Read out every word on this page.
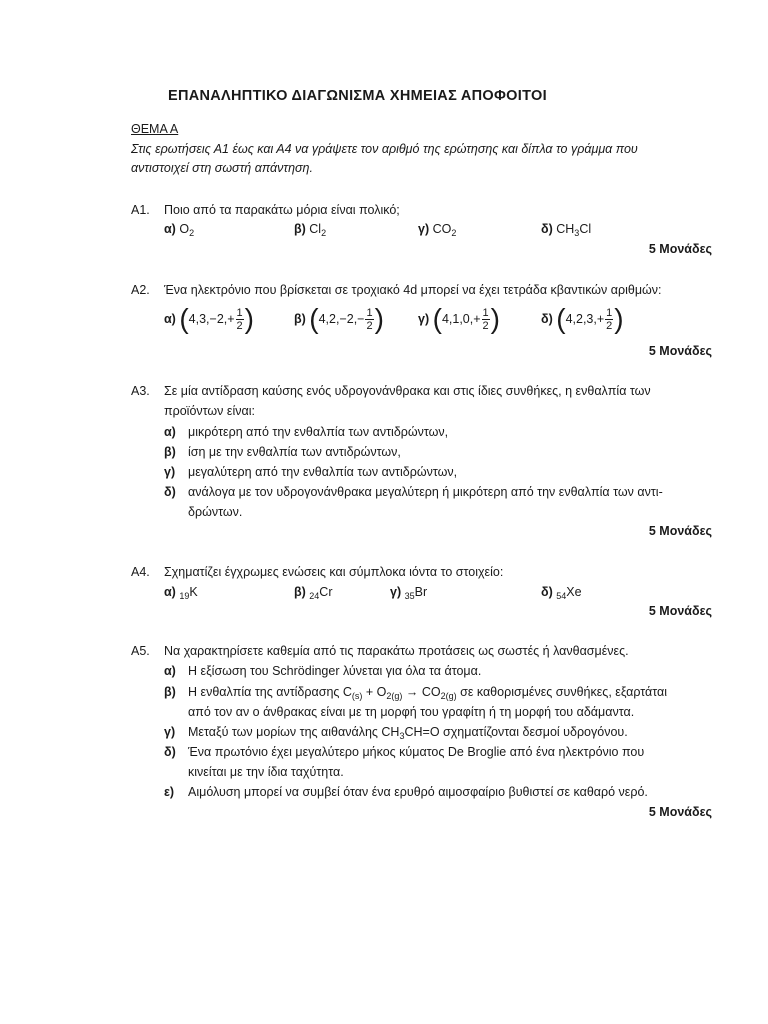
ΕΠΑΝΑΛΗΠΤΙΚΟ ΔΙΑΓΩΝΙΣΜΑ ΧΗΜΕΙΑΣ ΑΠΟΦΟΙΤΟΙ
ΘΕΜΑ Α
Στις ερωτήσεις Α1 έως και Α4 να γράψετε τον αριθμό της ερώτησης και δίπλα το γράμμα που
αντιστοιχεί στη σωστή απάντηση.
Α1. Ποιο από τα παρακάτω μόρια είναι πολικό;
α) $O_2$	β) $Cl_2$	γ) $CO_2$	δ) $CH_3Cl$
5 Μονάδες
Α2. Ένα ηλεκτρόνιο που βρίσκεται σε τροχιακό 4d μπορεί να έχει τετράδα κβαντικών αριθμών:
α)
( $4,3,-2,+ \frac{1}{2}$ )	β)
( $4,2,-2,- \frac{1}{2}$ )	γ)
( $4,1,0,+ \frac{1}{2}$ )	δ)
( $4,2,3,+ \frac{1}{2}$ )
5 Μονάδες
Α3. Σε μία αντίδραση καύσης ενός υδρογονάνθρακα και στις ίδιες συνθήκες, η ενθαλπία των
προϊόντων είναι:
α) μικρότερη από την ενθαλπία των αντιδρώντων,
β) ίση με την ενθαλπία των αντιδρώντων,
γ) μεγαλύτερη από την ενθαλπία των αντιδρώντων,
δ) ανάλογα με τον υδρογονάνθρακα μεγαλύτερη ή μικρότερη από την ενθαλπία των αντι-
δρώντων.
5 Μονάδες
Α4. Σχηματίζει έγχρωμες ενώσεις και σύμπλοκα ιόντα το στοιχείο:
α) $_{19}$K	β) $_{24}$Cr	γ) $_{35}$Br	δ) $_{54}$Xe
5 Μονάδες
Α5. Να χαρακτηρίσετε καθεμία από τις παρακάτω προτάσεις ως σωστές ή λανθασμένες.
α) Η εξίσωση του Schrödinger λύνεται για όλα τα άτομα.
β) Η ενθαλπία της αντίδρασης $C_{(s)} + O_{2(g)} \to CO_{2(g)}$ σε καθορισμένες συνθήκες, εξαρτάται
από τον αν ο άνθρακας είναι με τη μορφή του γραφίτη ή τη μορφή του αδάμαντα.
γ) Μεταξύ των μορίων της αιθανάλης $CH_3CH=O$ σχηματίζονται δεσμοί υδρογόνου.
δ) Ένα πρωτόνιο έχει μεγαλύτερο μήκος κύματος De Broglie από ένα ηλεκτρόνιο που
κινείται με την ίδια ταχύτητα.
ε) Αιμόλυση μπορεί να συμβεί όταν ένα ερυθρό αιμοσφαίριο βυθιστεί σε καθαρό νερό.
5 Μονάδες
